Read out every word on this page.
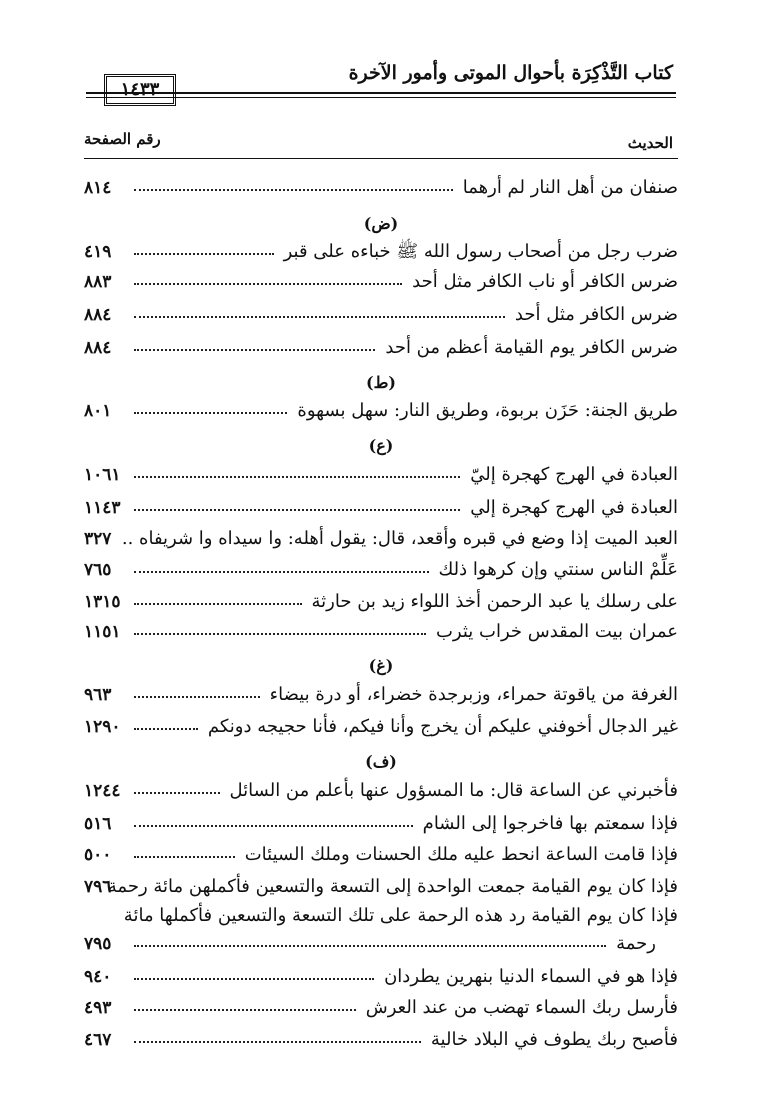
كتاب التَّذْكِرَة بأحوال الموتى وأمور الآخرة
١٤٣٣
رقم الصفحة	الحديث
صنفان من أهل النار لم أرهما
٨١٤
(ض)
ضرب رجل من أصحاب رسول الله ﷺ خباءه على قبر
٤١٩
ضرس الكافر أو ناب الكافر مثل أحد
٨٨٣
ضرس الكافر مثل أحد
٨٨٤
ضرس الكافر يوم القيامة أعظم من أحد
٨٨٤
(ط)
طريق الجنة: حَزَن بربوة، وطريق النار: سهل بسهوة
٨٠١
(ع)
العبادة في الهرج كهجرة إليّ
١٠٦١
العبادة في الهرج كهجرة إلي
١١٤٣
العبد الميت إذا وضع في قبره وأقعد، قال: يقول أهله: وا سيداه وا شريفاه ..
٣٢٧
عَلِّمْ الناس سنتي وإن كرهوا ذلك
٧٦٥
على رسلك يا عبد الرحمن أخذ اللواء زيد بن حارثة
١٣١٥
عمران بيت المقدس خراب يثرب
١١٥١
(غ)
الغرفة من ياقوتة حمراء، وزبرجدة خضراء، أو درة بيضاء
٩٦٣
غير الدجال أخوفني عليكم أن يخرج وأنا فيكم، فأنا حجيجه دونكم
١٢٩٠
(ف)
فأخبرني عن الساعة قال: ما المسؤول عنها بأعلم من السائل
١٢٤٤
فإذا سمعتم بها فاخرجوا إلى الشام
٥١٦
فإذا قامت الساعة انحط عليه ملك الحسنات وملك السيئات
٥٠٠
فإذا كان يوم القيامة جمعت الواحدة إلى التسعة والتسعين فأكملهن مائة رحمة
٧٩٦
فإذا كان يوم القيامة رد هذه الرحمة على تلك التسعة والتسعين فأكملها مائة
رحمة
٧٩٥
فإذا هو في السماء الدنيا بنهرين يطردان
٩٤٠
فأرسل ربك السماء تهضب من عند العرش
٤٩٣
فأصبح ربك يطوف في البلاد خالية
٤٦٧
